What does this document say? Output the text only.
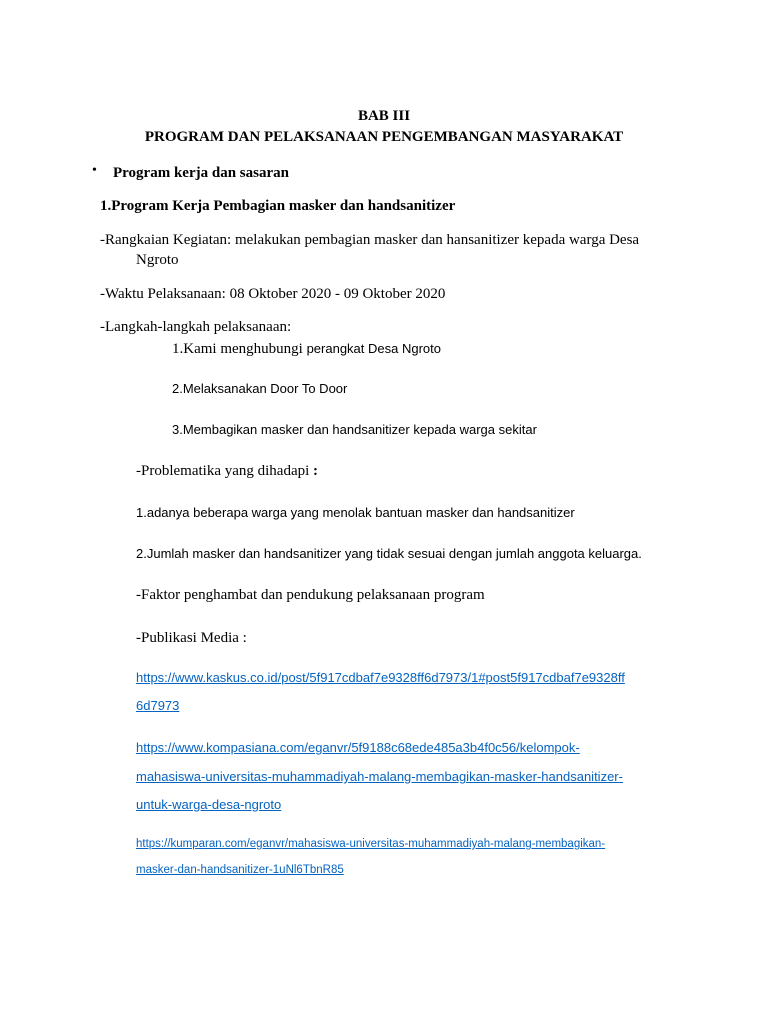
BAB III
PROGRAM DAN PELAKSANAAN PENGEMBANGAN MASYARAKAT
• Program kerja dan sasaran
1.Program Kerja Pembagian masker dan handsanitizer
-Rangkaian Kegiatan: melakukan pembagian masker dan hansanitizer kepada warga Desa
Ngroto
-Waktu Pelaksanaan: 08 Oktober 2020 - 09 Oktober 2020
-Langkah-langkah pelaksanaan:
1.Kami menghubungi perangkat Desa Ngroto
2.Melaksanakan Door To Door
3.Membagikan masker dan handsanitizer kepada warga sekitar
-Problematika yang dihadapi :
1.adanya beberapa warga yang menolak bantuan masker dan handsanitizer
2.Jumlah masker dan handsanitizer yang tidak sesuai dengan jumlah anggota keluarga.
-Faktor penghambat dan pendukung pelaksanaan program
-Publikasi Media :
https://www.kaskus.co.id/post/5f917cdbaf7e9328ff6d7973/1#post5f917cdbaf7e9328ff
6d7973
https://www.kompasiana.com/eganvr/5f9188c68ede485a3b4f0c56/kelompok-
mahasiswa-universitas-muhammadiyah-malang-membagikan-masker-handsanitizer-
untuk-warga-desa-ngroto
https://kumparan.com/eganvr/mahasiswa-universitas-muhammadiyah-malang-membagikan-
masker-dan-handsanitizer-1uNl6TbnR85
